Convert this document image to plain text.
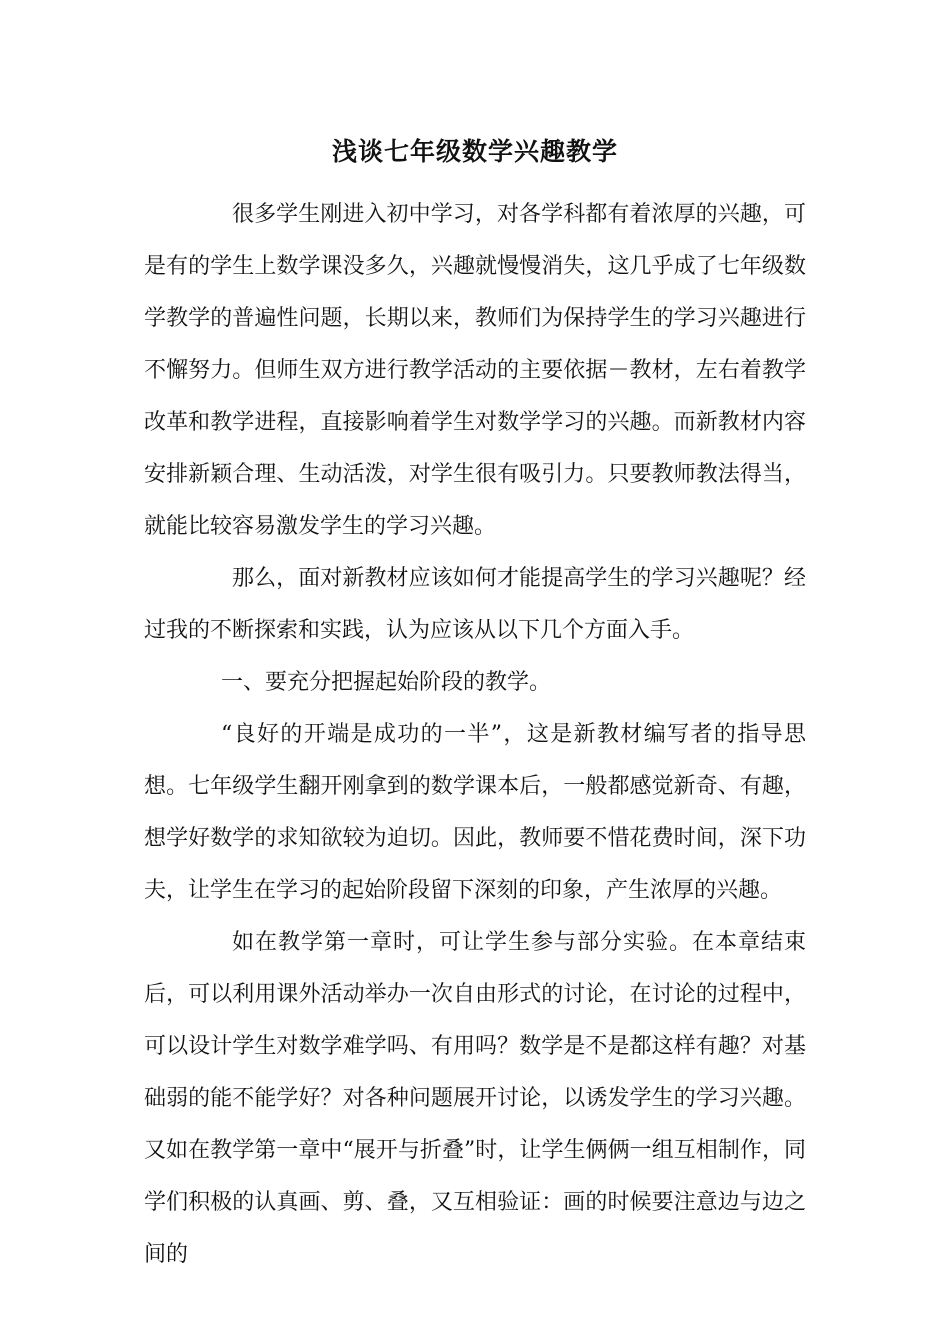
浅谈七年级数学兴趣教学

很多学生刚进入初中学习，对各学科都有着浓厚的兴趣，可是有的学生上数学课没多久，兴趣就慢慢消失，这几乎成了七年级数学教学的普遍性问题，长期以来，教师们为保持学生的学习兴趣进行不懈努力。但师生双方进行教学活动的主要依据－教材，左右着教学改革和教学进程，直接影响着学生对数学学习的兴趣。而新教材内容安排新颖合理、生动活泼，对学生很有吸引力。只要教师教法得当，就能比较容易激发学生的学习兴趣。

那么，面对新教材应该如何才能提高学生的学习兴趣呢？经过我的不断探索和实践，认为应该从以下几个方面入手。

一、要充分把握起始阶段的教学。

“良好的开端是成功的一半”，这是新教材编写者的指导思想。七年级学生翻开刚拿到的数学课本后，一般都感觉新奇、有趣，想学好数学的求知欲较为迫切。因此，教师要不惜花费时间，深下功夫，让学生在学习的起始阶段留下深刻的印象，产生浓厚的兴趣。

如在教学第一章时，可让学生参与部分实验。在本章结束后，可以利用课外活动举办一次自由形式的讨论，在讨论的过程中，可以设计学生对数学难学吗、有用吗？数学是不是都这样有趣？对基础弱的能不能学好？对各种问题展开讨论，以诱发学生的学习兴趣。又如在教学第一章中“展开与折叠”时，让学生俩俩一组互相制作，同学们积极的认真画、剪、叠，又互相验证：画的时候要注意边与边之间的
